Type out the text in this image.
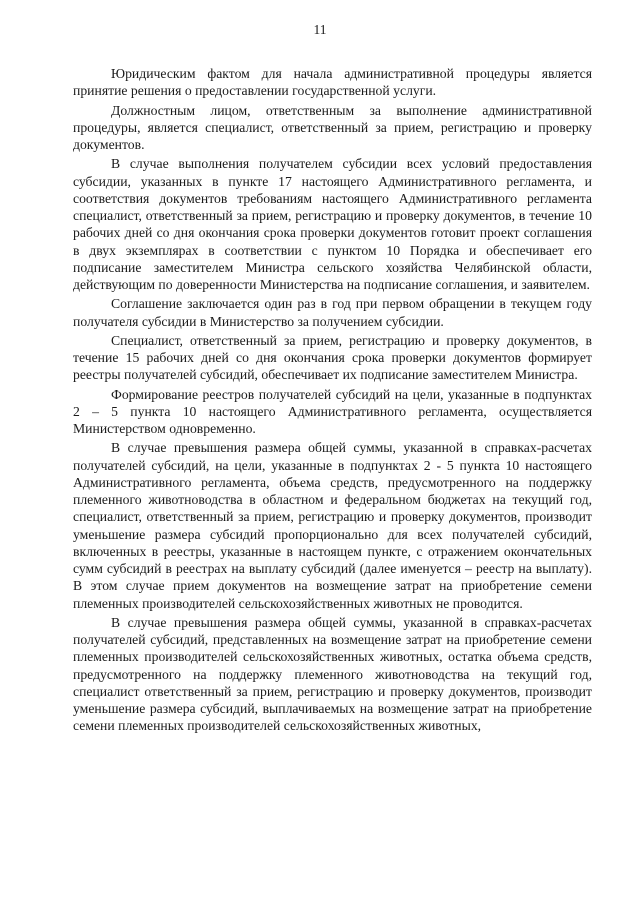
11

Юридическим фактом для начала административной процедуры является принятие решения о предоставлении государственной услуги.

Должностным лицом, ответственным за выполнение административной процедуры, является специалист, ответственный за прием, регистрацию и проверку документов.

В случае выполнения получателем субсидии всех условий предоставления субсидии, указанных в пункте 17 настоящего Административного регламента, и соответствия документов требованиям настоящего Административного регламента специалист, ответственный за прием, регистрацию и проверку документов, в течение 10 рабочих дней со дня окончания срока проверки документов готовит проект соглашения в двух экземплярах в соответствии с пунктом 10 Порядка и обеспечивает его подписание заместителем Министра сельского хозяйства Челябинской области, действующим по доверенности Министерства на подписание соглашения, и заявителем.

Соглашение заключается один раз в год при первом обращении в текущем году получателя субсидии в Министерство за получением субсидии.

Специалист, ответственный за прием, регистрацию и проверку документов, в течение 15 рабочих дней со дня окончания срока проверки документов формирует реестры получателей субсидий, обеспечивает их подписание заместителем Министра.

Формирование реестров получателей субсидий на цели, указанные в подпунктах 2 – 5 пункта 10 настоящего Административного регламента, осуществляется Министерством одновременно.

В случае превышения размера общей суммы, указанной в справках-расчетах получателей субсидий, на цели, указанные в подпунктах 2 - 5 пункта 10 настоящего Административного регламента, объема средств, предусмотренного на поддержку племенного животноводства в областном и федеральном бюджетах на текущий год, специалист, ответственный за прием, регистрацию и проверку документов, производит уменьшение размера субсидий пропорционально для всех получателей субсидий, включенных в реестры, указанные в настоящем пункте, с отражением окончательных сумм субсидий в реестрах на выплату субсидий (далее именуется – реестр на выплату). В этом случае прием документов на возмещение затрат на приобретение семени племенных производителей сельскохозяйственных животных не проводится.

В случае превышения размера общей суммы, указанной в справках-расчетах получателей субсидий, представленных на возмещение затрат на приобретение семени племенных производителей сельскохозяйственных животных, остатка объема средств, предусмотренного на поддержку племенного животноводства на текущий год, специалист ответственный за прием, регистрацию и проверку документов, производит уменьшение размера субсидий, выплачиваемых на возмещение затрат на приобретение семени племенных производителей сельскохозяйственных животных,
